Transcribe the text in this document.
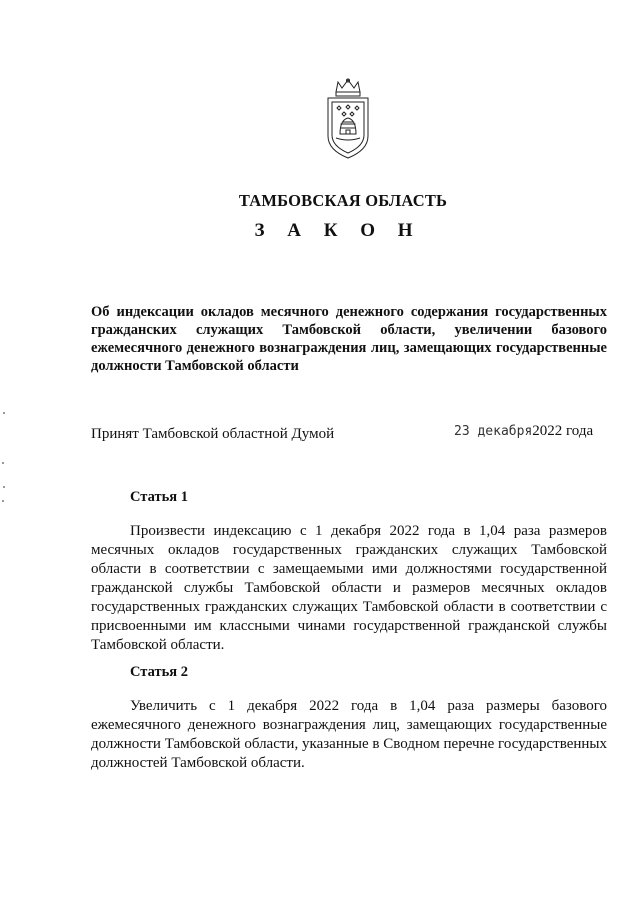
ТАМБОВСКАЯ ОБЛАСТЬ
З А К О Н
Об индексации окладов месячного денежного содержания государственных гражданских служащих Тамбовской области, увеличении базового ежемесячного денежного вознаграждения лиц, замещающих государственные должности Тамбовской области
Принят Тамбовской областной Думой	23 декабря2022 года
Статья 1

Произвести индексацию с 1 декабря 2022 года в 1,04 раза размеров месячных окладов государственных гражданских служащих Тамбовской области в соответствии с замещаемыми ими должностями государственной гражданской службы Тамбовской области и размеров месячных окладов государственных гражданских служащих Тамбовской области в соответствии с присвоенными им классными чинами государственной гражданской службы Тамбовской области.

Статья 2

Увеличить с 1 декабря 2022 года в 1,04 раза размеры базового ежемесячного денежного вознаграждения лиц, замещающих государственные должности Тамбовской области, указанные в Сводном перечне государственных должностей Тамбовской области.
